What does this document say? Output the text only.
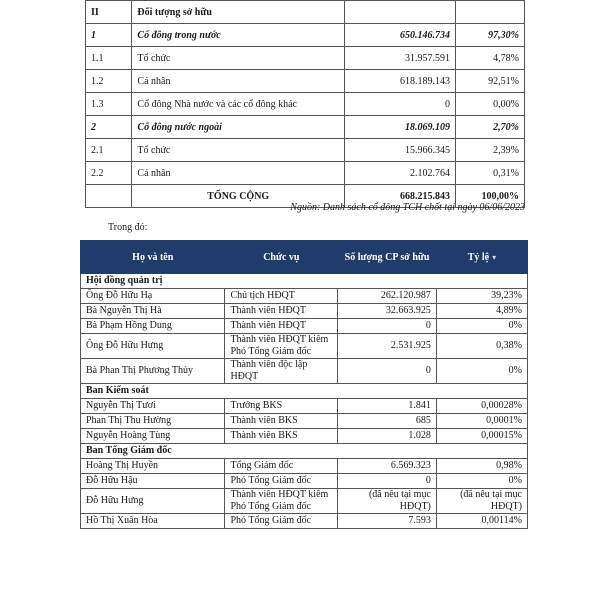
II	Đối tượng sở hữu		
1	Cổ đông trong nước	650.146.734	97,30%
1.1	Tổ chức	31.957.591	4,78%
1.2	Cá nhân	618.189.143	92,51%
1.3	Cổ đông Nhà nước và các cổ đông khác	0	0,00%
2	Cổ đông nước ngoài	18.069.109	2,70%
2.1	Tổ chức	15.966.345	2,39%
2.2	Cá nhân	2.102.764	0,31%
	TỔNG CỘNG	668.215.843	100,00%
Nguồn: Danh sách cổ đông TCH chốt tại ngày 06/06/2023
Trong đó:
Họ và tên	Chức vụ	Số lượng CP sở hữu	Tỷ lệ ▾
Hội đồng quản trị			
Ông Đỗ Hữu Hạ	Chủ tịch HĐQT	262.120.987	39,23%
Bà Nguyễn Thị Hà	Thành viên HĐQT	32.663.925	4,89%
Bà Phạm Hồng Dung	Thành viên HĐQT	0	0%
Ông Đỗ Hữu Hưng	Thành viên HĐQT kiêm Phó Tổng Giám đốc	2.531.925	0,38%
Bà Phan Thị Phương Thủy	Thành viên độc lập HĐQT	0	0%
Ban Kiểm soát			
Nguyễn Thị Tươi	Trưởng BKS	1.841	0,00028%
Phan Thị Thu Hường	Thành viên BKS	685	0,0001%
Nguyễn Hoàng Tùng	Thành viên BKS	1.028	0,00015%
Ban Tổng Giám đốc			
Hoàng Thị Huyền	Tổng Giám đốc	6.569.323	0,98%
Đỗ Hữu Hậu	Phó Tổng Giám đốc	0	0%
Đỗ Hữu Hưng	Thành viên HĐQT kiêm Phó Tổng Giám đốc	(đã nêu tại mục HĐQT)	(đã nêu tại mục HĐQT)
Hồ Thị Xuân Hòa	Phó Tổng Giám đốc	7.593	0,00114%
